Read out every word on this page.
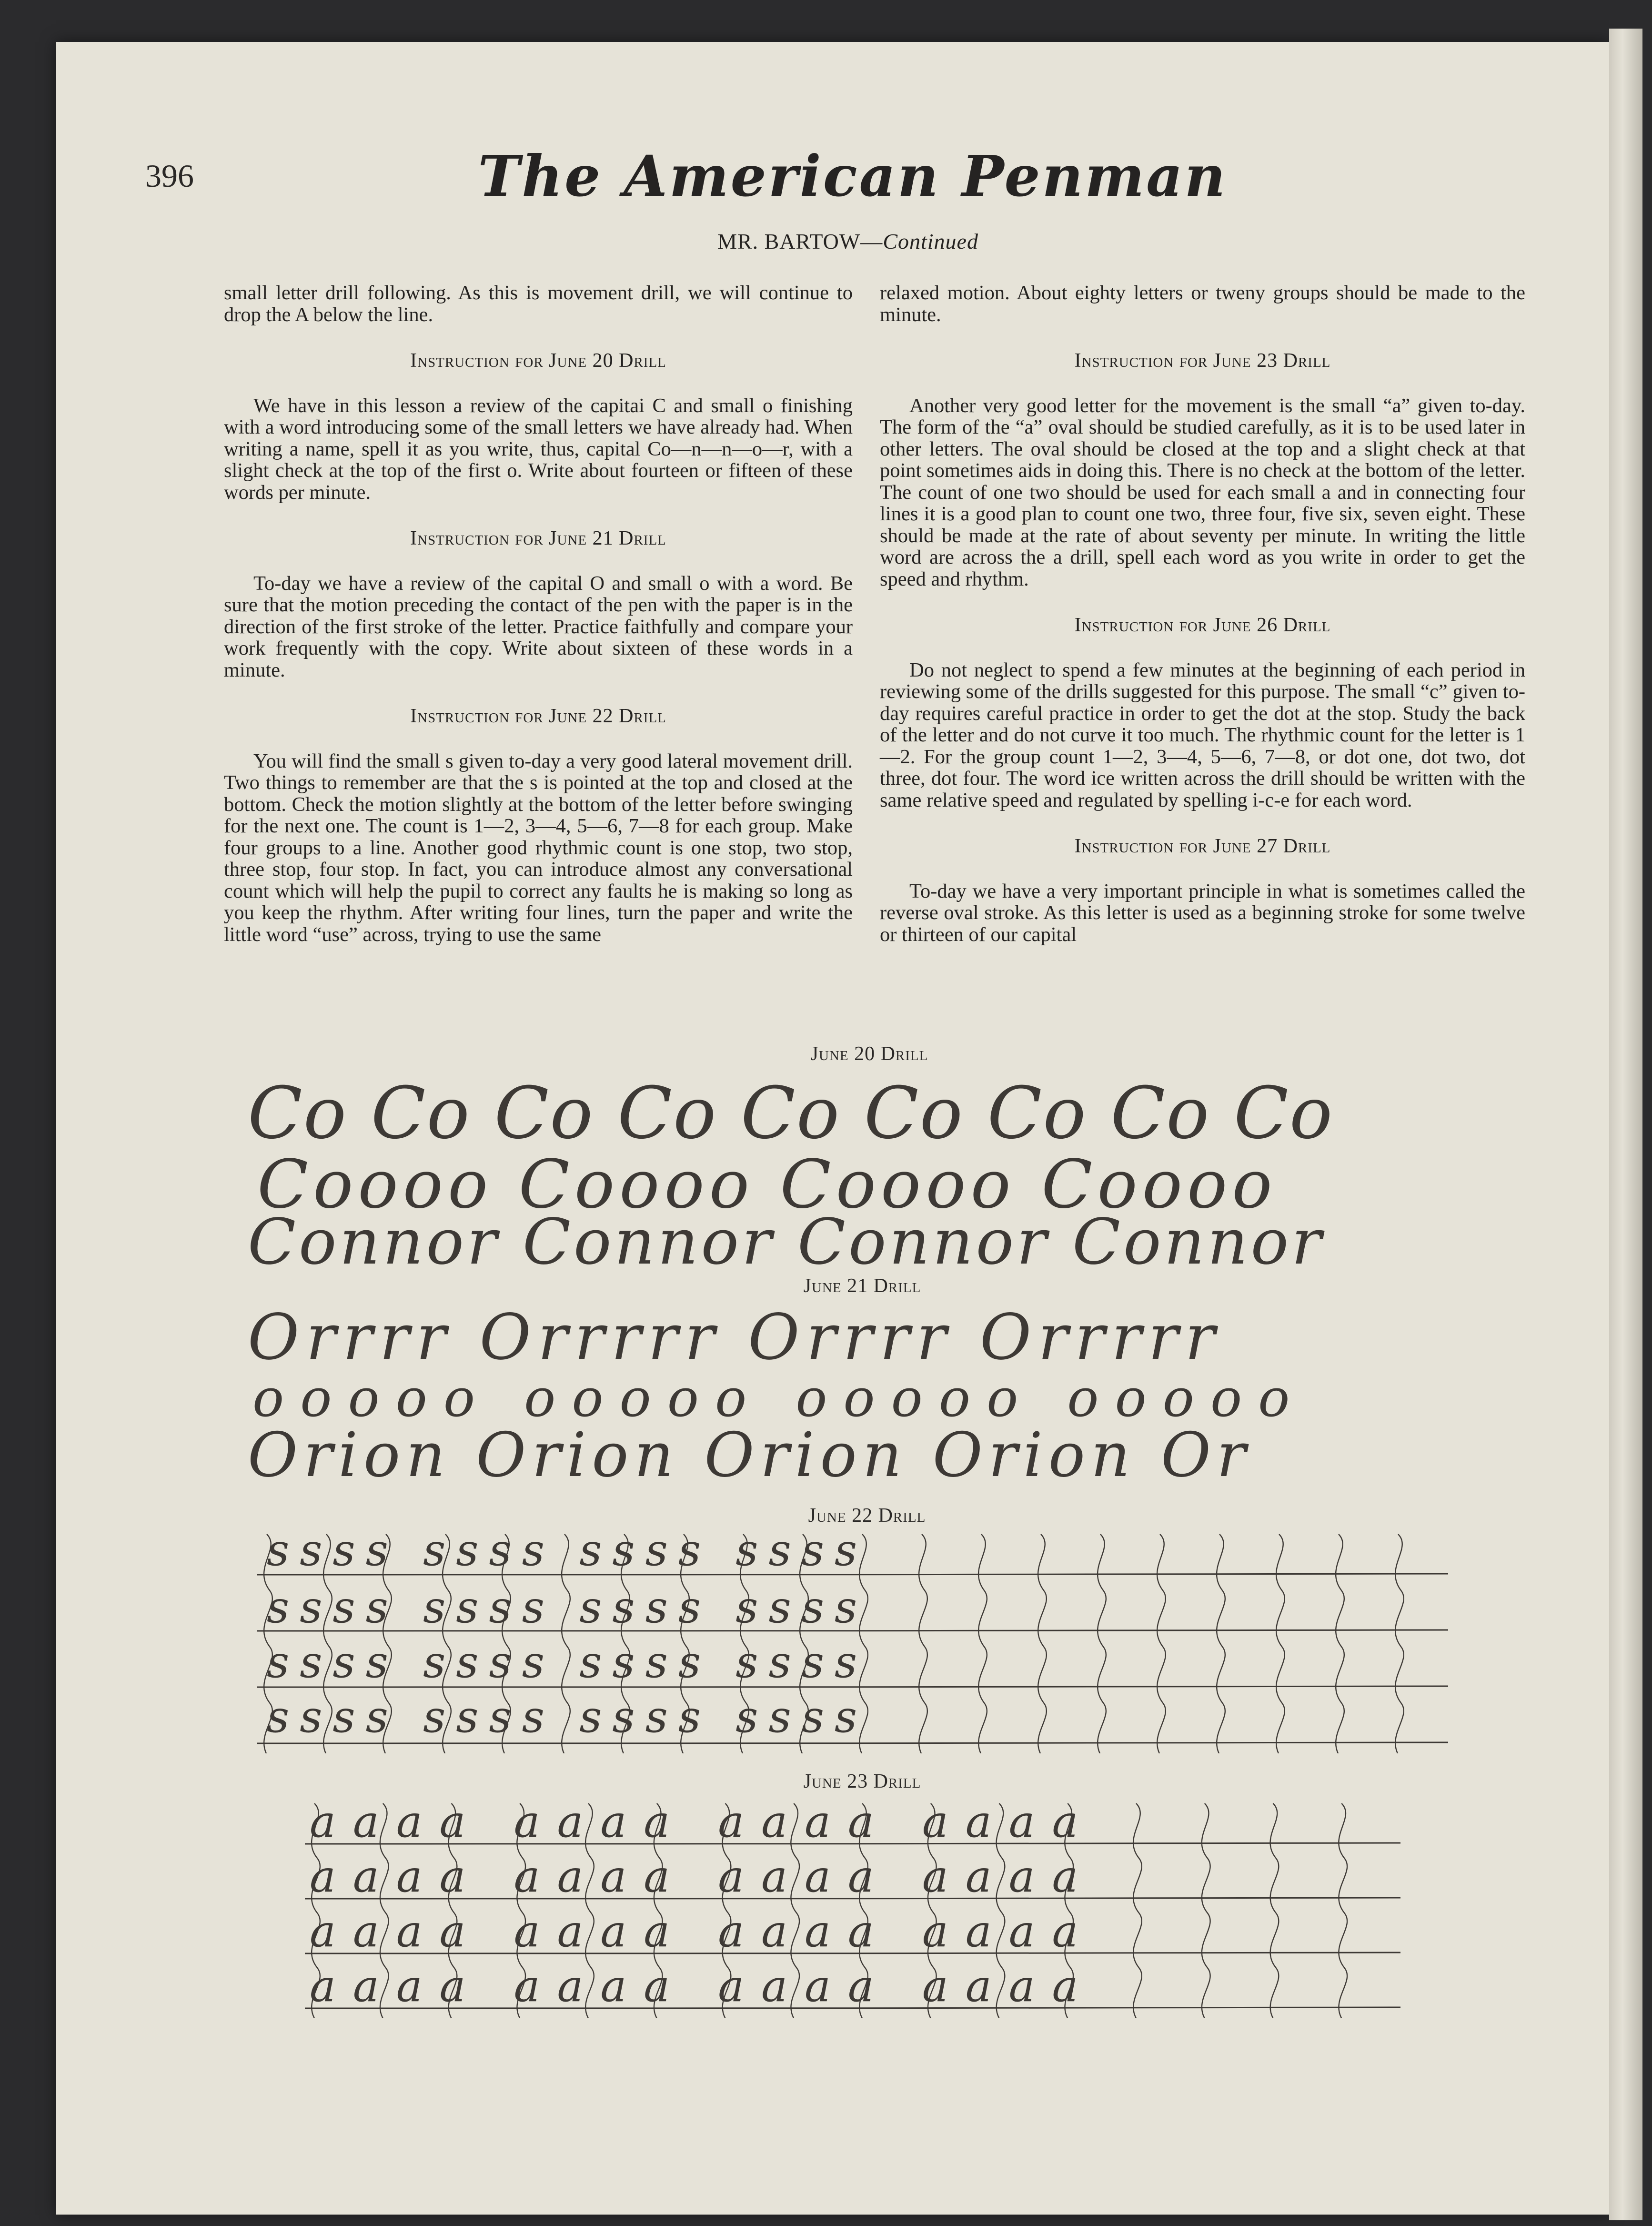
396	The American Penman
MR. BARTOW—Continued

small letter drill following. As this is movement drill, we will continue to drop the A below the line.

Instruction for June 20 Drill

We have in this lesson a review of the capitai C and small o finishing with a word introducing some of the small letters we have already had. When writing a name, spell it as you write, thus, capital Co—n—n—o—r, with a slight check at the top of the first o. Write about fourteen or fifteen of these words per minute.

Instruction for June 21 Drill

To-day we have a review of the capital O and small o with a word. Be sure that the motion preceding the contact of the pen with the paper is in the direction of the first stroke of the letter. Practice faithfully and compare your work frequently with the copy. Write about sixteen of these words in a minute.

Instruction for June 22 Drill

You will find the small s given to-day a very good lateral movement drill. Two things to remember are that the s is pointed at the top and closed at the bottom. Check the motion slightly at the bottom of the letter before swinging for the next one. The count is 1—2, 3—4, 5—6, 7—8 for each group. Make four groups to a line. Another good rhythmic count is one stop, two stop, three stop, four stop. In fact, you can introduce almost any conversational count which will help the pupil to correct any faults he is making so long as you keep the rhythm. After writing four lines, turn the paper and write the little word “use” across, trying to use the same

relaxed motion. About eighty letters or tweny groups should be made to the minute.

Instruction for June 23 Drill

Another very good letter for the movement is the small “a” given to-day. The form of the “a” oval should be studied carefully, as it is to be used later in other letters. The oval should be closed at the top and a slight check at that point sometimes aids in doing this. There is no check at the bottom of the letter. The count of one two should be used for each small a and in connecting four lines it is a good plan to count one two, three four, five six, seven eight. These should be made at the rate of about seventy per minute. In writing the little word are across the a drill, spell each word as you write in order to get the speed and rhythm.

Instruction for June 26 Drill

Do not neglect to spend a few minutes at the beginning of each period in reviewing some of the drills suggested for this purpose. The small “c” given to-day requires careful practice in order to get the dot at the stop. Study the back of the letter and do not curve it too much. The rhythmic count for the letter is 1—2. For the group count 1—2, 3—4, 5—6, 7—8, or dot one, dot two, dot three, dot four. The word ice written across the drill should be written with the same relative speed and regulated by spelling i-c-e for each word.

Instruction for June 27 Drill

To-day we have a very important principle in what is sometimes called the reverse oval stroke. As this letter is used as a beginning stroke for some twelve or thirteen of our capital

June 20 Drill
June 21 Drill
June 22 Drill
June 23 Drill
Co Co Co Co Co Co Co Co Co
Coooo Coooo Coooo Coooo
Connor Connor Connor Connor
Orrrr Orrrrr Orrrr Orrrrr
ooooo ooooo ooooo ooooo
Orion Orion Orion Orion Or
ssss ssss ssss ssss
ssss ssss ssss ssss
ssss ssss ssss ssss
ssss ssss ssss ssss
aaaa aaaa aaaa aaaa
aaaa aaaa aaaa aaaa
aaaa aaaa aaaa aaaa
aaaa aaaa aaaa aaaa
